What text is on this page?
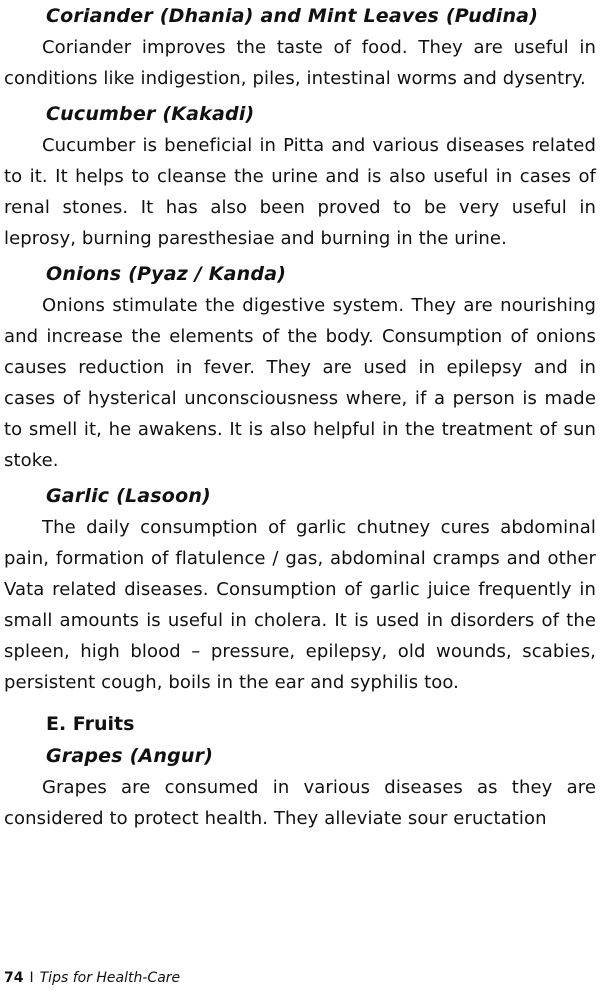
Coriander (Dhania) and Mint Leaves (Pudina)

Coriander improves the taste of food. They are useful in conditions like indigestion, piles, intestinal worms and dysentry.

Cucumber (Kakadi)

Cucumber is beneficial in Pitta and various diseases related to it. It helps to cleanse the urine and is also useful in cases of renal stones. It has also been proved to be very useful in leprosy, burning paresthesiae and burning in the urine.

Onions (Pyaz / Kanda)

Onions stimulate the digestive system. They are nourishing and increase the elements of the body. Consumption of onions causes reduction in fever. They are used in epilepsy and in cases of hysterical unconsciousness where, if a person is made to smell it, he awakens. It is also helpful in the treatment of sun stoke.

Garlic (Lasoon)

The daily consumption of garlic chutney cures abdominal pain, formation of flatulence / gas, abdominal cramps and other Vata related diseases. Consumption of garlic juice frequently in small amounts is useful in cholera. It is used in disorders of the spleen, high blood – pressure, epilepsy, old wounds, scabies, persistent cough, boils in the ear and syphilis too.

E. Fruits
Grapes (Angur)

Grapes are consumed in various diseases as they are considered to protect health. They alleviate sour eructation

74 I Tips for Health-Care
